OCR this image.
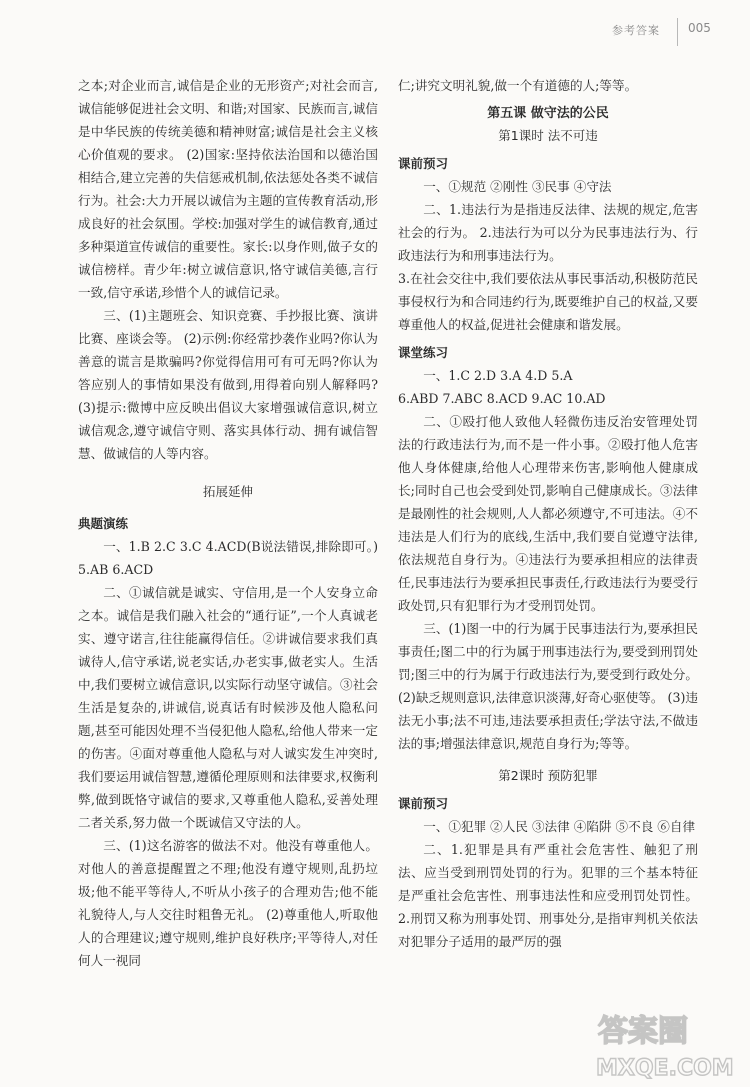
参考答案 005

之本;对企业而言,诚信是企业的无形资产;对社会而言,诚信能够促进社会文明、和谐;对国家、民族而言,诚信是中华民族的传统美德和精神财富;诚信是社会主义核心价值观的要求。 (2)国家:坚持依法治国和以德治国相结合,建立完善的失信惩戒机制,依法惩处各类不诚信行为。社会:大力开展以诚信为主题的宣传教育活动,形成良好的社会氛围。学校:加强对学生的诚信教育,通过多种渠道宣传诚信的重要性。家长:以身作则,做子女的诚信榜样。青少年:树立诚信意识,恪守诚信美德,言行一致,信守承诺,珍惜个人的诚信记录。

三、(1)主题班会、知识竞赛、手抄报比赛、演讲比赛、座谈会等。 (2)示例:你经常抄袭作业吗?你认为善意的谎言是欺骗吗?你觉得信用可有可无吗?你认为答应别人的事情如果没有做到,用得着向别人解释吗? (3)提示:微博中应反映出倡议大家增强诚信意识,树立诚信观念,遵守诚信守则、落实具体行动、拥有诚信智慧、做诚信的人等内容。

拓展延伸
典题演练

一、1.B 2.C 3.C 4.ACD(B说法错误,排除即可。) 5.AB 6.ACD

二、①诚信就是诚实、守信用,是一个人安身立命之本。诚信是我们融入社会的“通行证”,一个人真诚老实、遵守诺言,往往能赢得信任。②讲诚信要求我们真诚待人,信守承诺,说老实话,办老实事,做老实人。生活中,我们要树立诚信意识,以实际行动坚守诚信。③社会生活是复杂的,讲诚信,说真话有时候涉及他人隐私问题,甚至可能因处理不当侵犯他人隐私,给他人带来一定的伤害。④面对尊重他人隐私与对人诚实发生冲突时,我们要运用诚信智慧,遵循伦理原则和法律要求,权衡利弊,做到既恪守诚信的要求,又尊重他人隐私,妥善处理二者关系,努力做一个既诚信又守法的人。

三、(1)这名游客的做法不对。他没有尊重他人。对他人的善意提醒置之不理;他没有遵守规则,乱扔垃圾;他不能平等待人,不听从小孩子的合理劝告;他不能礼貌待人,与人交往时粗鲁无礼。 (2)尊重他人,听取他人的合理建议;遵守规则,维护良好秩序;平等待人,对任何人一视同

仁;讲究文明礼貌,做一个有道德的人;等等。

第五课 做守法的公民
第1课时 法不可违
课前预习

一、①规范 ②刚性 ③民事 ④守法

二、1.违法行为是指违反法律、法规的规定,危害社会的行为。 2.违法行为可以分为民事违法行为、行政违法行为和刑事违法行为。

3.在社会交往中,我们要依法从事民事活动,积极防范民事侵权行为和合同违约行为,既要维护自己的权益,又要尊重他人的权益,促进社会健康和谐发展。

课堂练习

一、1.C 2.D 3.A 4.D 5.A

6.ABD 7.ABC 8.ACD 9.AC 10.AD

二、①殴打他人致他人轻微伤违反治安管理处罚法的行政违法行为,而不是一件小事。②殴打他人危害他人身体健康,给他人心理带来伤害,影响他人健康成长;同时自己也会受到处罚,影响自己健康成长。③法律是最刚性的社会规则,人人都必须遵守,不可违法。④不违法是人们行为的底线,生活中,我们要自觉遵守法律,依法规范自身行为。④违法行为要承担相应的法律责任,民事违法行为要承担民事责任,行政违法行为要受行政处罚,只有犯罪行为才受刑罚处罚。

三、(1)图一中的行为属于民事违法行为,要承担民事责任;图二中的行为属于刑事违法行为,要受到刑罚处罚;图三中的行为属于行政违法行为,要受到行政处分。 (2)缺乏规则意识,法律意识淡薄,好奇心驱使等。 (3)违法无小事;法不可违,违法要承担责任;学法守法,不做违法的事;增强法律意识,规范自身行为;等等。

第2课时 预防犯罪
课前预习

一、①犯罪 ②人民 ③法律 ④陷阱 ⑤不良 ⑥自律

二、1.犯罪是具有严重社会危害性、触犯了刑法、应当受到刑罚处罚的行为。犯罪的三个基本特征是严重社会危害性、刑事违法性和应受刑罚处罚性。 2.刑罚又称为刑事处罚、刑事处分,是指审判机关依法对犯罪分子适用的最严厉的强

答案圈
MXQE.COM
